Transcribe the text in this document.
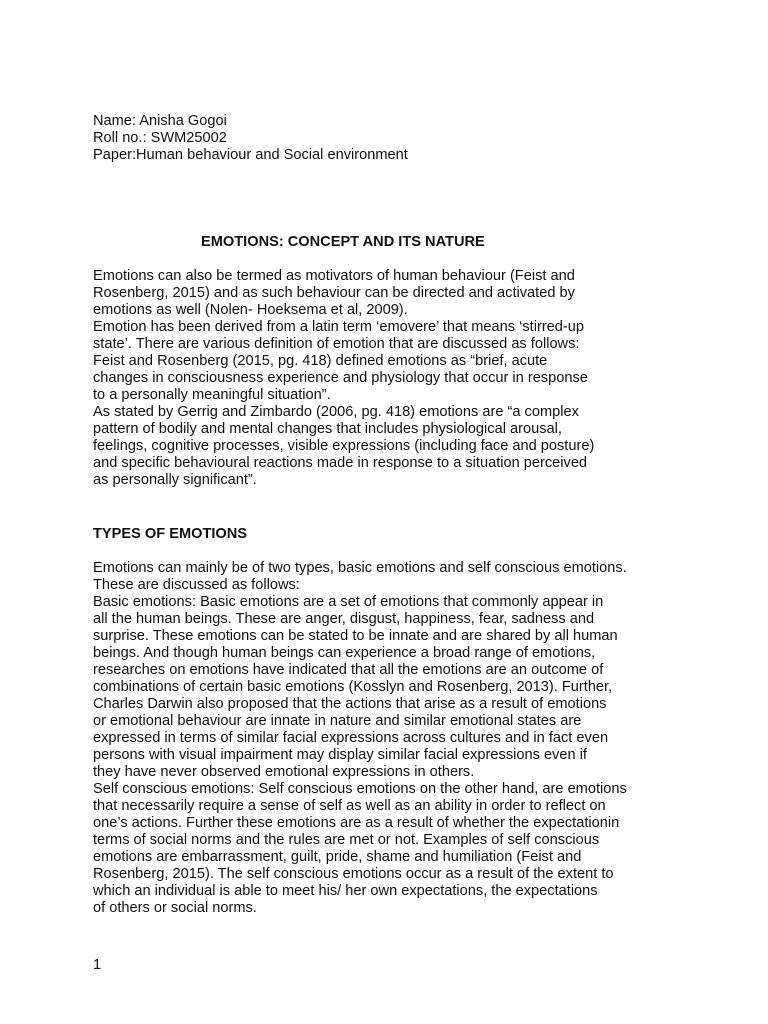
Name: Anisha Gogoi
Roll no.: SWM25002
Paper:Human behaviour and Social environment
EMOTIONS: CONCEPT AND ITS NATURE
Emotions can also be termed as motivators of human behaviour (Feist and
Rosenberg, 2015) and as such behaviour can be directed and activated by
emotions as well (Nolen- Hoeksema et al, 2009).
Emotion has been derived from a latin term ‘emovere’ that means ‘stirred-up
state’. There are various definition of emotion that are discussed as follows:
Feist and Rosenberg (2015, pg. 418) defined emotions as “brief, acute
changes in consciousness experience and physiology that occur in response
to a personally meaningful situation”.
As stated by Gerrig and Zimbardo (2006, pg. 418) emotions are “a complex
pattern of bodily and mental changes that includes physiological arousal,
feelings, cognitive processes, visible expressions (including face and posture)
and specific behavioural reactions made in response to a situation perceived
as personally significant”.
TYPES OF EMOTIONS
Emotions can mainly be of two types, basic emotions and self conscious emotions.
These are discussed as follows:
Basic emotions: Basic emotions are a set of emotions that commonly appear in
all the human beings. These are anger, disgust, happiness, fear, sadness and
surprise. These emotions can be stated to be innate and are shared by all human
beings. And though human beings can experience a broad range of emotions,
researches on emotions have indicated that all the emotions are an outcome of
combinations of certain basic emotions (Kosslyn and Rosenberg, 2013). Further,
Charles Darwin also proposed that the actions that arise as a result of emotions
or emotional behaviour are innate in nature and similar emotional states are
expressed in terms of similar facial expressions across cultures and in fact even
persons with visual impairment may display similar facial expressions even if
they have never observed emotional expressions in others.
Self conscious emotions: Self conscious emotions on the other hand, are emotions
that necessarily require a sense of self as well as an ability in order to reflect on
one’s actions. Further these emotions are as a result of whether the expectationin
terms of social norms and the rules are met or not. Examples of self conscious
emotions are embarrassment, guilt, pride, shame and humiliation (Feist and
Rosenberg, 2015). The self conscious emotions occur as a result of the extent to
which an individual is able to meet his/ her own expectations, the expectations
of others or social norms.
1
